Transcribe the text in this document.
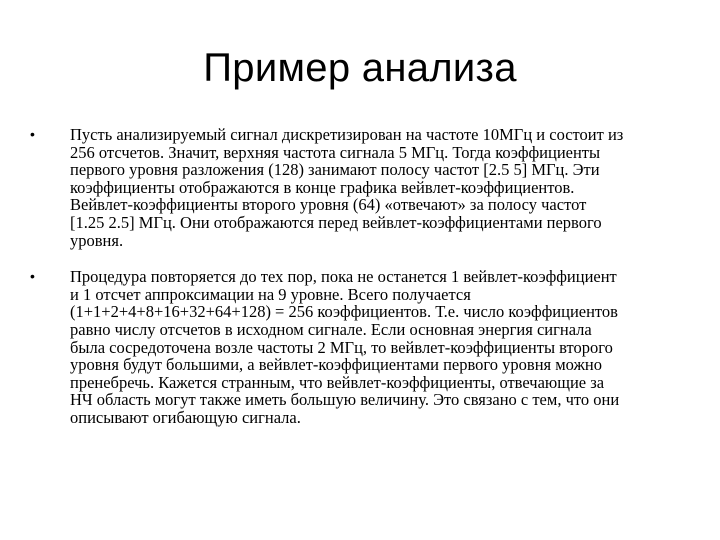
Пример анализа
• Пусть анализируемый сигнал дискретизирован на частоте 10МГц и состоит из
256 отсчетов. Значит, верхняя частота сигнала 5 МГц. Тогда коэффициенты
первого уровня разложения (128) занимают полосу частот [2.5 5] МГц. Эти
коэффициенты отображаются в конце графика вейвлет-коэффициентов.
Вейвлет-коэффициенты второго уровня (64) «отвечают» за полосу частот
[1.25 2.5] МГц. Они отображаются перед вейвлет-коэффициентами первого
уровня.
• Процедура повторяется до тех пор, пока не останется 1 вейвлет-коэффициент
и 1 отсчет аппроксимации на 9 уровне. Всего получается
(1+1+2+4+8+16+32+64+128) = 256 коэффициентов. Т.е. число коэффициентов
равно числу отсчетов в исходном сигнале. Если основная энергия сигнала
была сосредоточена возле частоты 2 МГц, то вейвлет-коэффициенты второго
уровня будут большими, а вейвлет-коэффициентами первого уровня можно
пренебречь. Кажется странным, что вейвлет-коэффициенты, отвечающие за
НЧ область могут также иметь большую величину. Это связано с тем, что они
описывают огибающую сигнала.
